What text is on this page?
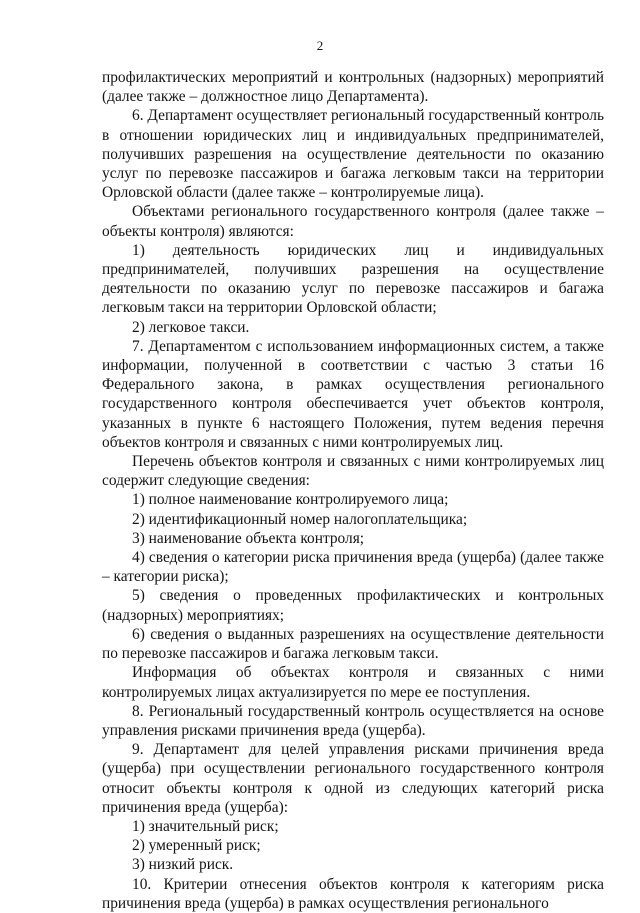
2

профилактических мероприятий и контрольных (надзорных) мероприятий (далее также – должностное лицо Департамента).

6. Департамент осуществляет региональный государственный контроль в отношении юридических лиц и индивидуальных предпринимателей, получивших разрешения на осуществление деятельности по оказанию услуг по перевозке пассажиров и багажа легковым такси на территории Орловской области (далее также – контролируемые лица).

Объектами регионального государственного контроля (далее также – объекты контроля) являются:

1) деятельность юридических лиц и индивидуальных предпринимателей, получивших разрешения на осуществление деятельности по оказанию услуг по перевозке пассажиров и багажа легковым такси на территории Орловской области;

2) легковое такси.

7. Департаментом с использованием информационных систем, а также информации, полученной в соответствии с частью 3 статьи 16 Федерального закона, в рамках осуществления регионального государственного контроля обеспечивается учет объектов контроля, указанных в пункте 6 настоящего Положения, путем ведения перечня объектов контроля и связанных с ними контролируемых лиц.

Перечень объектов контроля и связанных с ними контролируемых лиц содержит следующие сведения:

1) полное наименование контролируемого лица;

2) идентификационный номер налогоплательщика;

3) наименование объекта контроля;

4) сведения о категории риска причинения вреда (ущерба) (далее также – категории риска);

5) сведения о проведенных профилактических и контрольных (надзорных) мероприятиях;

6) сведения о выданных разрешениях на осуществление деятельности по перевозке пассажиров и багажа легковым такси.

Информация об объектах контроля и связанных с ними контролируемых лицах актуализируется по мере ее поступления.

8. Региональный государственный контроль осуществляется на основе управления рисками причинения вреда (ущерба).

9. Департамент для целей управления рисками причинения вреда (ущерба) при осуществлении регионального государственного контроля относит объекты контроля к одной из следующих категорий риска причинения вреда (ущерба):

1) значительный риск;

2) умеренный риск;

3) низкий риск.

10. Критерии отнесения объектов контроля к категориям риска причинения вреда (ущерба) в рамках осуществления регионального
